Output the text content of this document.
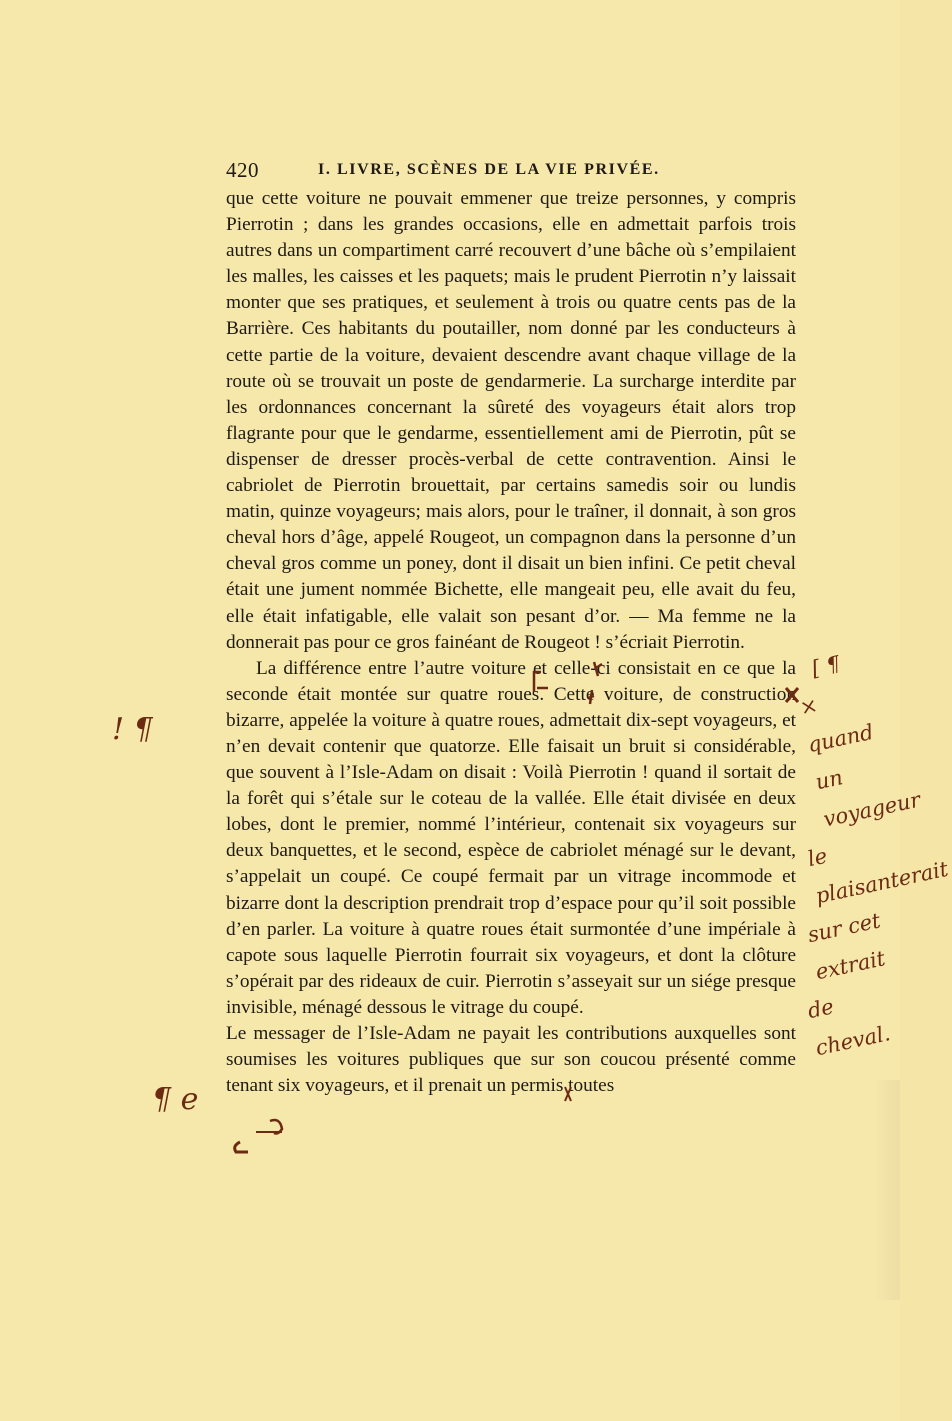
420	I. LIVRE, SCÈNES DE LA VIE PRIVÉE.

que cette voiture ne pouvait emmener que treize personnes, y compris Pierrotin ; dans les grandes occasions, elle en admettait parfois trois autres dans un compartiment carré recouvert d’une bâche où s’empilaient les malles, les caisses et les paquets; mais le prudent Pierrotin n’y laissait monter que ses pratiques, et seulement à trois ou quatre cents pas de la Barrière. Ces habitants du poutailler, nom donné par les conducteurs à cette partie de la voiture, devaient descendre avant chaque village de la route où se trouvait un poste de gendarmerie. La surcharge interdite par les ordonnances concernant la sûreté des voyageurs était alors trop flagrante pour que le gendarme, essentiellement ami de Pierrotin, pût se dispenser de dresser procès-verbal de cette contravention. Ainsi le cabriolet de Pierrotin brouettait, par certains samedis soir ou lundis matin, quinze voyageurs; mais alors, pour le traîner, il donnait, à son gros cheval hors d’âge, appelé Rougeot, un compagnon dans la personne d’un cheval gros comme un poney, dont il disait un bien infini. Ce petit cheval était une jument nommée Bichette, elle mangeait peu, elle avait du feu, elle était infatigable, elle valait son pesant d’or. — Ma femme ne la donnerait pas pour ce gros fainéant de Rougeot ! s’écriait Pierrotin.

La différence entre l’autre voiture et celle-ci consistait en ce que la seconde était montée sur quatre roues. Cette voiture, de construction bizarre, appelée la voiture à quatre roues, admettait dix-sept voyageurs, et n’en devait contenir que quatorze. Elle faisait un bruit si considérable, que souvent à l’Isle-Adam on disait : Voilà Pierrotin ! quand il sortait de la forêt qui s’étale sur le coteau de la vallée. Elle était divisée en deux lobes, dont le premier, nommé l’intérieur, contenait six voyageurs sur deux banquettes, et le second, espèce de cabriolet ménagé sur le devant, s’appelait un coupé. Ce coupé fermait par un vitrage incommode et bizarre dont la description prendrait trop d’espace pour qu’il soit possible d’en parler. La voiture à quatre roues était surmontée d’une impériale à capote sous laquelle Pierrotin fourrait six voyageurs, et dont la clôture s’opérait par des rideaux de cuir. Pierrotin s’asseyait sur un siége presque invisible, ménagé dessous le vitrage du coupé.

Le messager de l’Isle-Adam ne payait les contributions auxquelles sont soumises les voitures publiques que sur son coucou présenté comme tenant six voyageurs, et il prenait un permis toutes

! ¶
¶ e
[ ¶
× quand un voyageur
le plaisanterait
sur cet extrait
de cheval.
